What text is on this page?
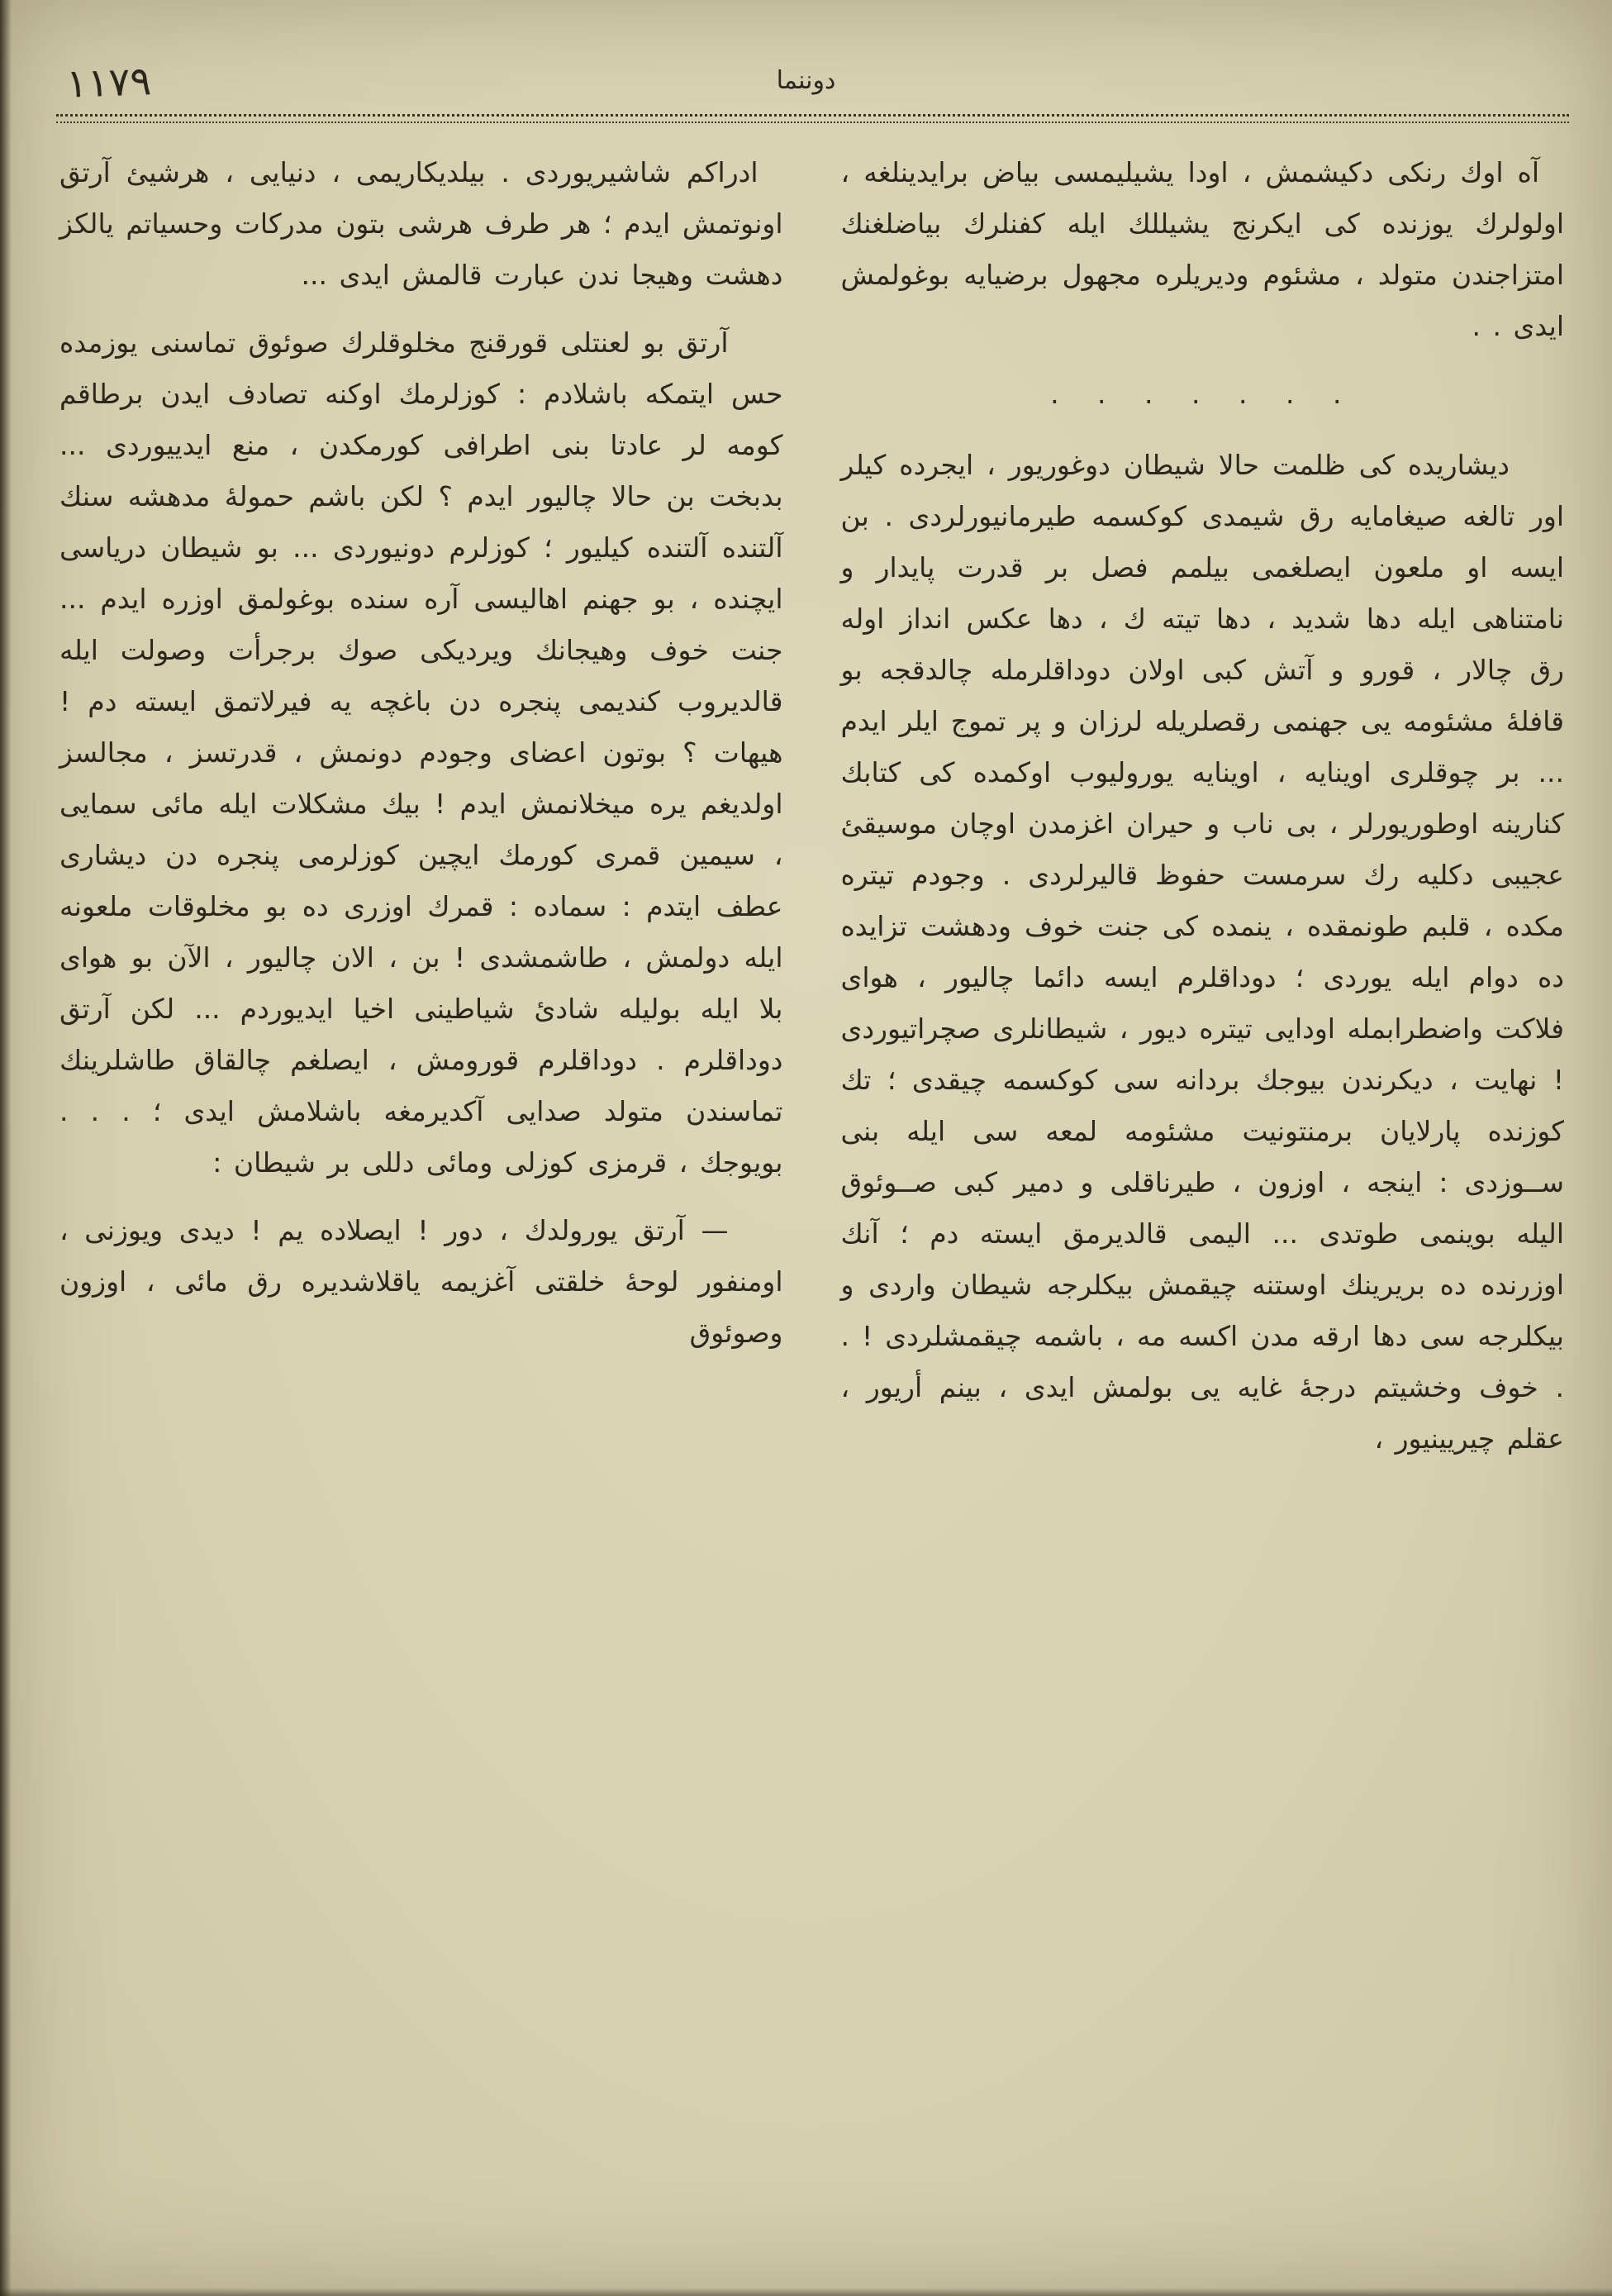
١١٧٩	دوننما

آه اوك رنكى دكيشمش ، اودا يشيليمسى بياض برايدينلغه ، اولولرك يوزنده كى ايكرنج يشيللك ايله كفنلرك بياضلغنك امتزاجندن متولد ، مشئوم وديريلره مجهول برضيايه بوغولمش ايدى . .

. . . . . . .

ديشاريده كى ظلمت حالا شيطان دوغوريور ، ايجرده كيلر اور تالغه صيغامايه رق شيمدى كوكسمه طيرمانيورلردى . بن ايسه او ملعون ايصلغمى بيلمم فصل بر قدرت پايدار و نامتناهى ايله دها شديد ، دها تيته ك ، دها عكس انداز اوله رق چالار ، قورو و آتش كبى اولان دوداقلرمله چالدقجه بو قافلهٔ مشئومه يى جهنمى رقصلريله لرزان و پر تموج ايلر ايدم ... بر چوقلرى اوينايه ، اوينايه يوروليوب اوكمده كى كتابك كنارينه اوطوريورلر ، بى ناب و حيران اغزمدن اوچان موسيقئ عجيبى دكليه رك سرمست حفوظ قاليرلردى . وجودم تيتره مكده ، قلبم طونمقده ، ينمده كى جنت خوف ودهشت تزايده ده دوام ايله يوردى ؛ دوداقلرم ايسه دائما چاليور ، هواى فلاكت واضطرابمله اودايى تيتره ديور ، شيطانلرى صچراتيوردى ! نهايت ، ديكرندن بيوجك بردانه سى كوكسمه چيقدى ؛ تك كوزنده پارلايان برمنتونيت مشئومه لمعه سى ايله بنى ســوزدى : اينجه ، اوزون ، طيرناقلى و دمير كبى صــوئوق اليله بوينمى طوتدى ... اليمى قالديرمق ايسته دم ؛ آنك اوزرنده ده بريرينك اوستنه چيقمش بيكلرجه شيطان واردى و بيكلرجه سى دها ارقه مدن اكسه مه ، باشمه چيقمشلردى ! . . خوف وخشيتم درجهٔ غايه يى بولمش ايدى ، بينم أريور ، عقلم چيريينيور ،

ادراكم شاشيريوردى . بيلديكاريمى ، دنيايى ، هرشيئ آرتق اونوتمش ايدم ؛ هر طرف هرشى بتون مدركات وحسياتم يالكز دهشت وهيجا ندن عبارت قالمش ايدى ...

آرتق بو لعنتلى قورقنج مخلوقلرك صوئوق تماسنى يوزمده حس ايتمكه باشلادم : كوزلرمك اوكنه تصادف ايدن برطاقم كومه لر عادتا بنى اطرافى كورمكدن ، منع ايدييوردى ... بدبخت بن حالا چاليور ايدم ؟ لكن باشم حمولهٔ مدهشه سنك آلتنده آلتنده كيليور ؛ كوزلرم دونيوردى ... بو شيطان درياسى ايچنده ، بو جهنم اهاليسى آره سنده بوغولمق اوزره ايدم ... جنت خوف وهيجانك ويرديكى صوك برجرأت وصولت ايله قالديروب كنديمى پنجره دن باغچه يه فيرلاتمق ايسته دم ! هيهات ؟ بوتون اعضاى وجودم دونمش ، قدرتسز ، مجالسز اولديغم يره ميخلانمش ايدم ! بيك مشكلات ايله مائى سمايى ، سيمين قمرى كورمك ايچين كوزلرمى پنجره دن ديشارى عطف ايتدم : سماده : قمرك اوزرى ده بو مخلوقات ملعونه ايله دولمش ، طاشمشدى ! بن ، الان چاليور ، الآن بو هواى بلا ايله بوليله شادئ شياطينى اخيا ايديوردم ... لكن آرتق دوداقلرم . دوداقلرم قورومش ، ايصلغم چالقاق طاشلرينك تماسندن متولد صدايى آكديرمغه باشلامش ايدى ؛ . . . بويوجك ، قرمزى كوزلى ومائى دللى بر شيطان :

— آرتق يورولدك ، دور ! ايصلاده يم ! ديدى ويوزنى ، اومنفور لوحهٔ خلقتى آغزيمه ياقلاشديره رق مائى ، اوزون وصوئوق
